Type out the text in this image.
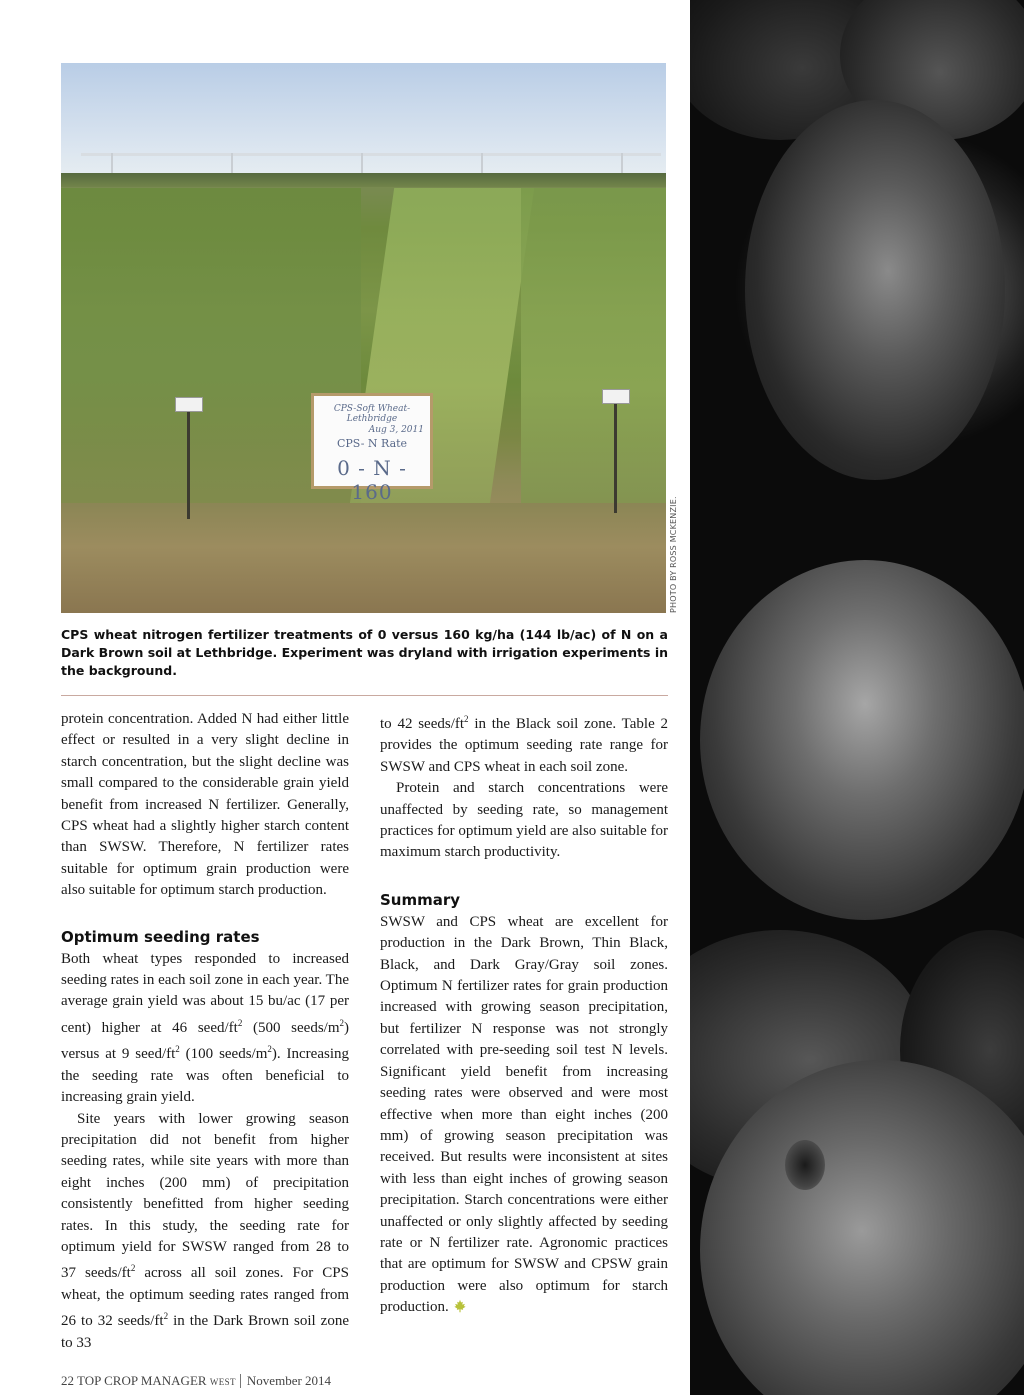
CPS-Soft Wheat-Lethbridge
Aug 3, 2011
CPS- N Rate
0 - N - 160
PHOTO BY ROSS MCKENZIE.
CPS wheat nitrogen fertilizer treatments of 0 versus 160 kg/ha (144 lb/ac) of N on a Dark Brown soil at Lethbridge. Experiment was dryland with irrigation experiments in the background.

protein concentration. Added N had either little effect or resulted in a very slight decline in starch concentration, but the slight decline was small compared to the considerable grain yield benefit from increased N fertilizer. Generally, CPS wheat had a slightly higher starch content than SWSW. Therefore, N fertilizer rates suitable for optimum grain production were also suitable for optimum starch production.

Optimum seeding rates

Both wheat types responded to increased seeding rates in each soil zone in each year. The average grain yield was about 15 bu/ac (17 per cent) higher at 46 seed/$ft^2$ (500 seeds/$m^2$) versus at 9 seed/$ft^2$ (100 seeds/$m^2$). Increasing the seeding rate was often beneficial to increasing grain yield.

Site years with lower growing season precipitation did not benefit from higher seeding rates, while site years with more than eight inches (200 mm) of precipitation consistently benefitted from higher seeding rates. In this study, the seeding rate for optimum yield for SWSW ranged from 28 to 37 seeds/$ft^2$ across all soil zones. For CPS wheat, the optimum seeding rates ranged from 26 to 32 seeds/$ft^2$ in the Dark Brown soil zone to 33

to 42 seeds/$ft^2$ in the Black soil zone. Table 2 provides the optimum seeding rate range for SWSW and CPS wheat in each soil zone.

Protein and starch concentrations were unaffected by seeding rate, so management practices for optimum yield are also suitable for maximum starch productivity.

Summary

SWSW and CPS wheat are excellent for production in the Dark Brown, Thin Black, Black, and Dark Gray/Gray soil zones. Optimum N fertilizer rates for grain production increased with growing season precipitation, but fertilizer N response was not strongly correlated with pre-seeding soil test N levels. Significant yield benefit from increasing seeding rates were observed and were most effective when more than eight inches (200 mm) of growing season precipitation was received. But results were inconsistent at sites with less than eight inches of growing season precipitation. Starch concentrations were either unaffected or only slightly affected by seeding rate or N fertilizer rate. Agronomic practices that are optimum for SWSW and CPSW grain production were also optimum for starch production.

22 TOP CROP MANAGER WEST November 2014
